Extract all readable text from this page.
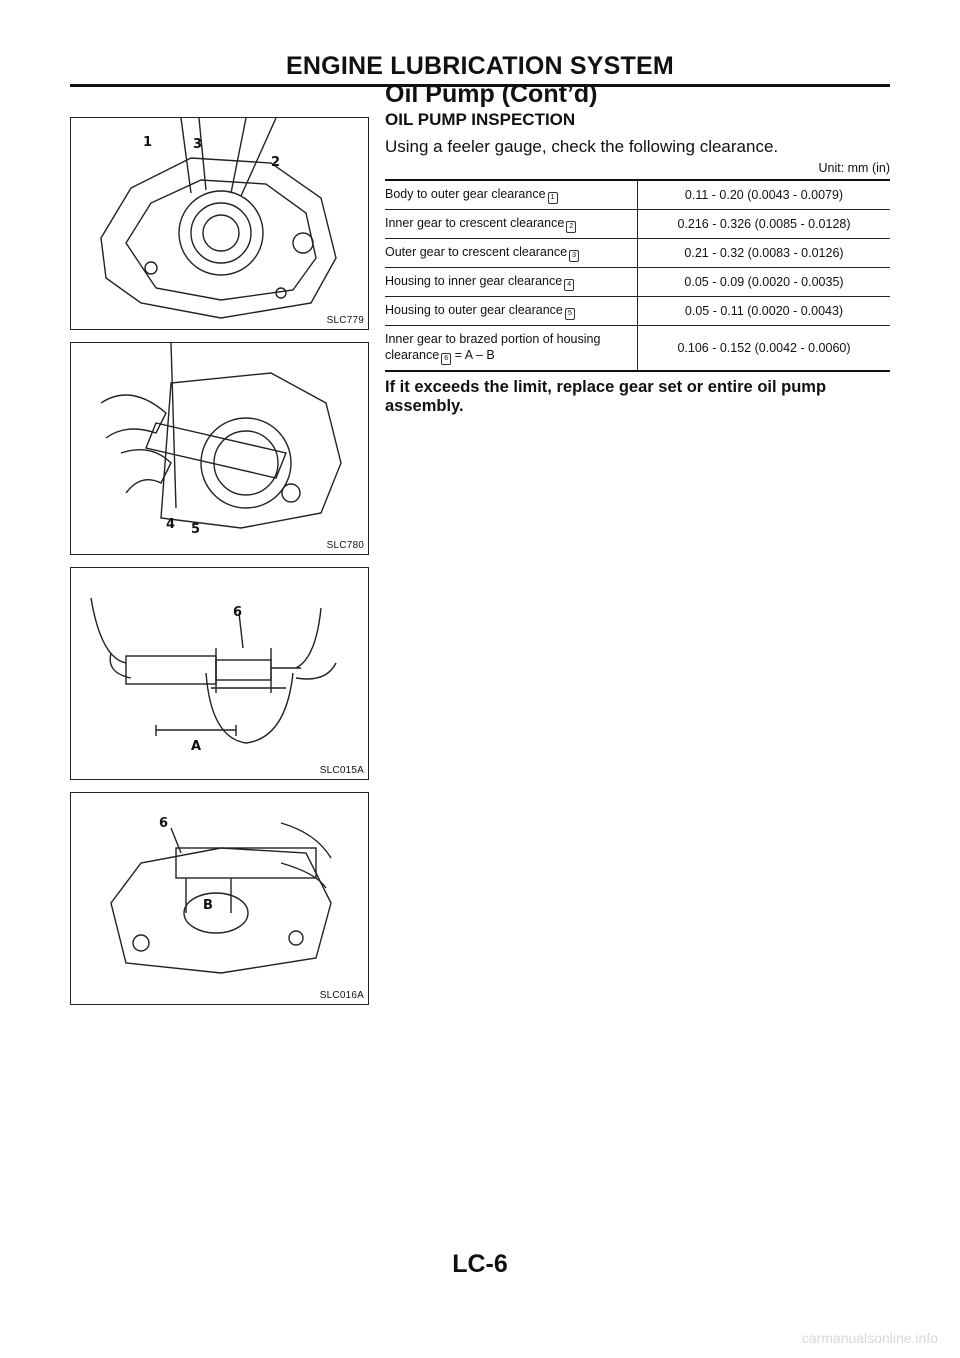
ENGINE LUBRICATION SYSTEM
Oil Pump (Cont’d)
1	3
2
SLC779
4 5
SLC780
6
A
SLC015A
6
B
SLC016A
OIL PUMP INSPECTION
Using a feeler gauge, check the following clearance.
Unit: mm (in)
Body to outer gear clearance 1	0.11 - 0.20 (0.0043 - 0.0079)
Inner gear to crescent clearance 2	0.216 - 0.326 (0.0085 - 0.0128)
Outer gear to crescent clearance 3	0.21 - 0.32 (0.0083 - 0.0126)
Housing to inner gear clearance 4	0.05 - 0.09 (0.0020 - 0.0035)
Housing to outer gear clearance 5	0.05 - 0.11 (0.0020 - 0.0043)
Inner gear to brazed portion of housing clearance 6 = A – B	0.106 - 0.152 (0.0042 - 0.0060)
If it exceeds the limit, replace gear set or entire oil pump assembly.
LC-6
carmanualsonline.info
